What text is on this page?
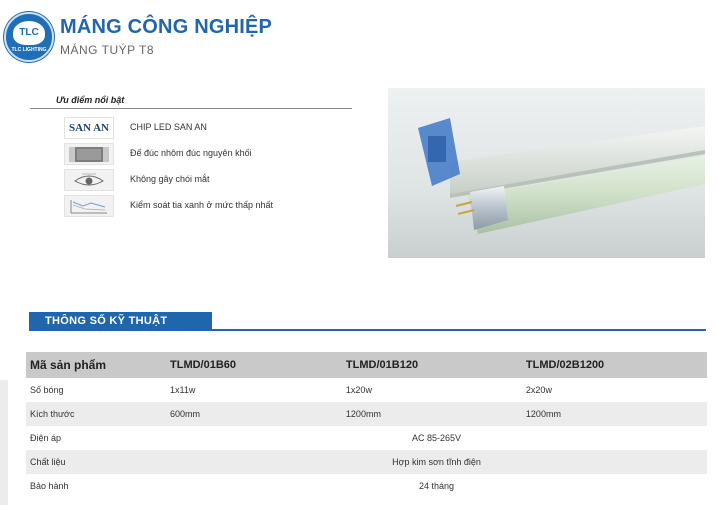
TLC
TLC LIGHTING
MÁNG CÔNG NGHIỆP
MÁNG TUÝP T8
Ưu điểm nổi bật
SAN AN	CHIP LED SAN AN
Đế đúc nhôm đúc nguyên khối
Không gây chói mắt
Kiểm soát tia xanh ở mức thấp nhất
THÔNG SỐ KỸ THUẬT
Mã sản phẩm	TLMD/01B60	TLMD/01B120	TLMD/02B1200
Số bóng	1x11w	1x20w	2x20w
Kích thước	600mm	1200mm	1200mm
Điện áp	AC 85-265V		
Chất liệu	Hợp kim sơn tĩnh điện		
Bảo hành	24 tháng		
